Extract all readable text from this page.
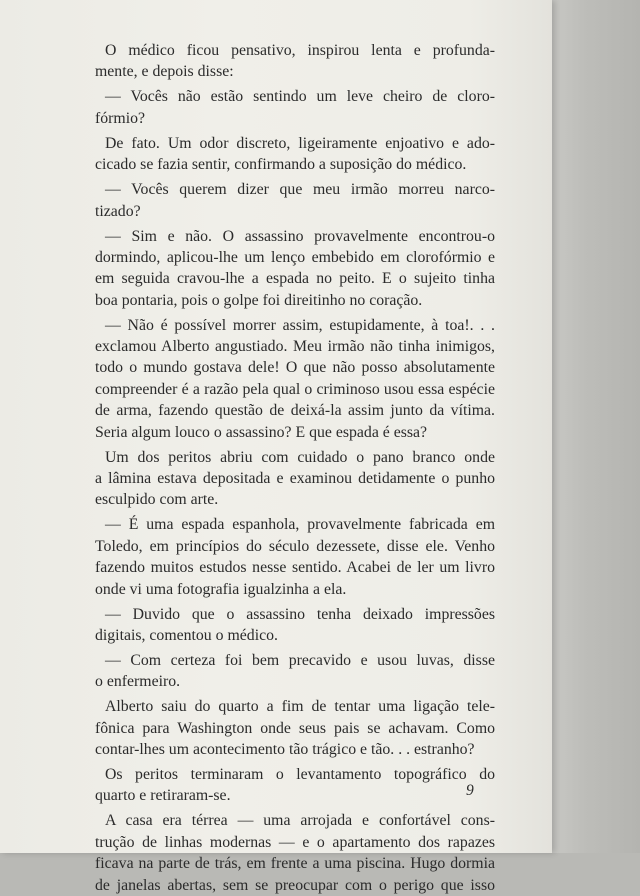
O médico ficou pensativo, inspirou lenta e profunda-
mente, e depois disse:
— Vocês não estão sentindo um leve cheiro de cloro-
fórmio?
De fato. Um odor discreto, ligeiramente enjoativo e ado-
cicado se fazia sentir, confirmando a suposição do médico.
— Vocês querem dizer que meu irmão morreu narco-
tizado?
— Sim e não. O assassino provavelmente encontrou-o
dormindo, aplicou-lhe um lenço embebido em clorofórmio e
em seguida cravou-lhe a espada no peito. E o sujeito tinha
boa pontaria, pois o golpe foi direitinho no coração.
— Não é possível morrer assim, estupidamente, à toa!. . .
exclamou Alberto angustiado. Meu irmão não tinha inimigos,
todo o mundo gostava dele! O que não posso absolutamente
compreender é a razão pela qual o criminoso usou essa espécie
de arma, fazendo questão de deixá-la assim junto da vítima.
Seria algum louco o assassino? E que espada é essa?
Um dos peritos abriu com cuidado o pano branco onde
a lâmina estava depositada e examinou detidamente o punho
esculpido com arte.
— É uma espada espanhola, provavelmente fabricada em
Toledo, em princípios do século dezessete, disse ele. Venho
fazendo muitos estudos nesse sentido. Acabei de ler um livro
onde vi uma fotografia igualzinha a ela.
— Duvido que o assassino tenha deixado impressões
digitais, comentou o médico.
— Com certeza foi bem precavido e usou luvas, disse
o enfermeiro.
Alberto saiu do quarto a fim de tentar uma ligação tele-
fônica para Washington onde seus pais se achavam. Como
contar-lhes um acontecimento tão trágico e tão. . . estranho?
Os peritos terminaram o levantamento topográfico do
quarto e retiraram-se.
A casa era térrea — uma arrojada e confortável cons-
trução de linhas modernas — e o apartamento dos rapazes
ficava na parte de trás, em frente a uma piscina. Hugo dormia
de janelas abertas, sem se preocupar com o perigo que isso
9
